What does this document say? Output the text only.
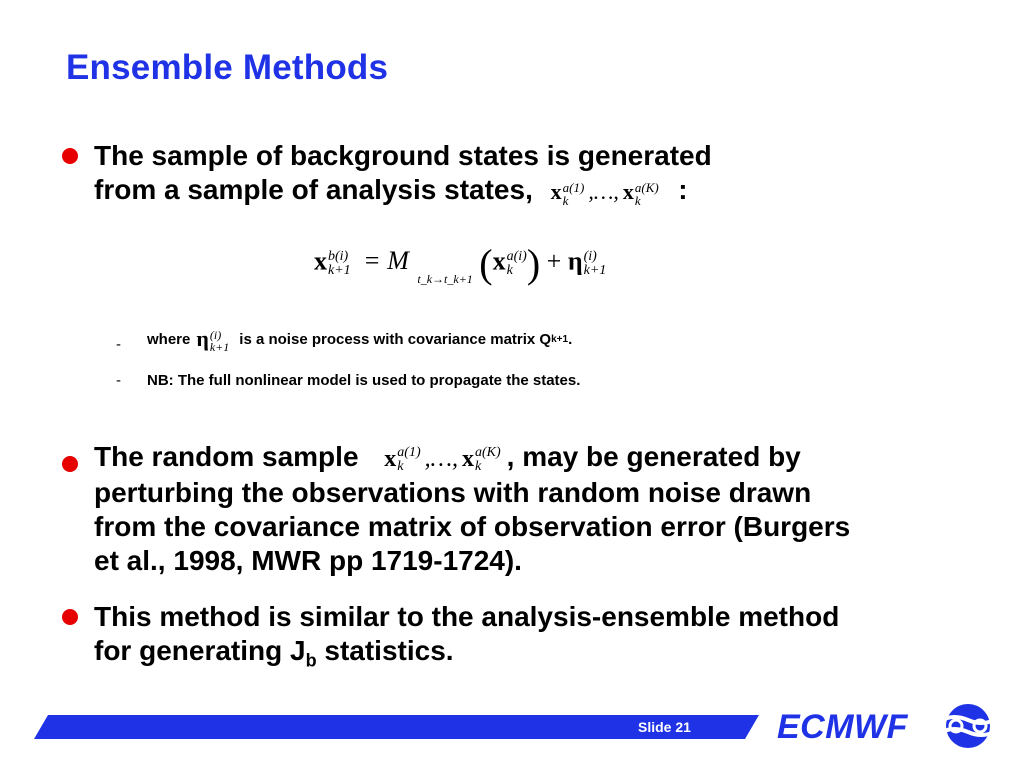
Ensemble Methods
The sample of background states is generated
from a sample of analysis states, x a(1)
k ,…, x a(K)
k	:
x b(i)
k+1 = M $_{t\_k\to t\_k+1}$ (x a(i)
k ) + η (i)
k+1
- where η (i)
k+1 is a noise process with covariance matrix Q k+1 .
- NB: The full nonlinear model is used to propagate the states.
The random sample x a(1)
k ,…, x a(K)
k , may be generated by
perturbing the observations with random noise drawn
from the covariance matrix of observation error (Burgers
et al., 1998, MWR pp 1719-1724).
This method is similar to the analysis-ensemble method
for generating $J_b$ statistics.
Slide 21	ECMWF
